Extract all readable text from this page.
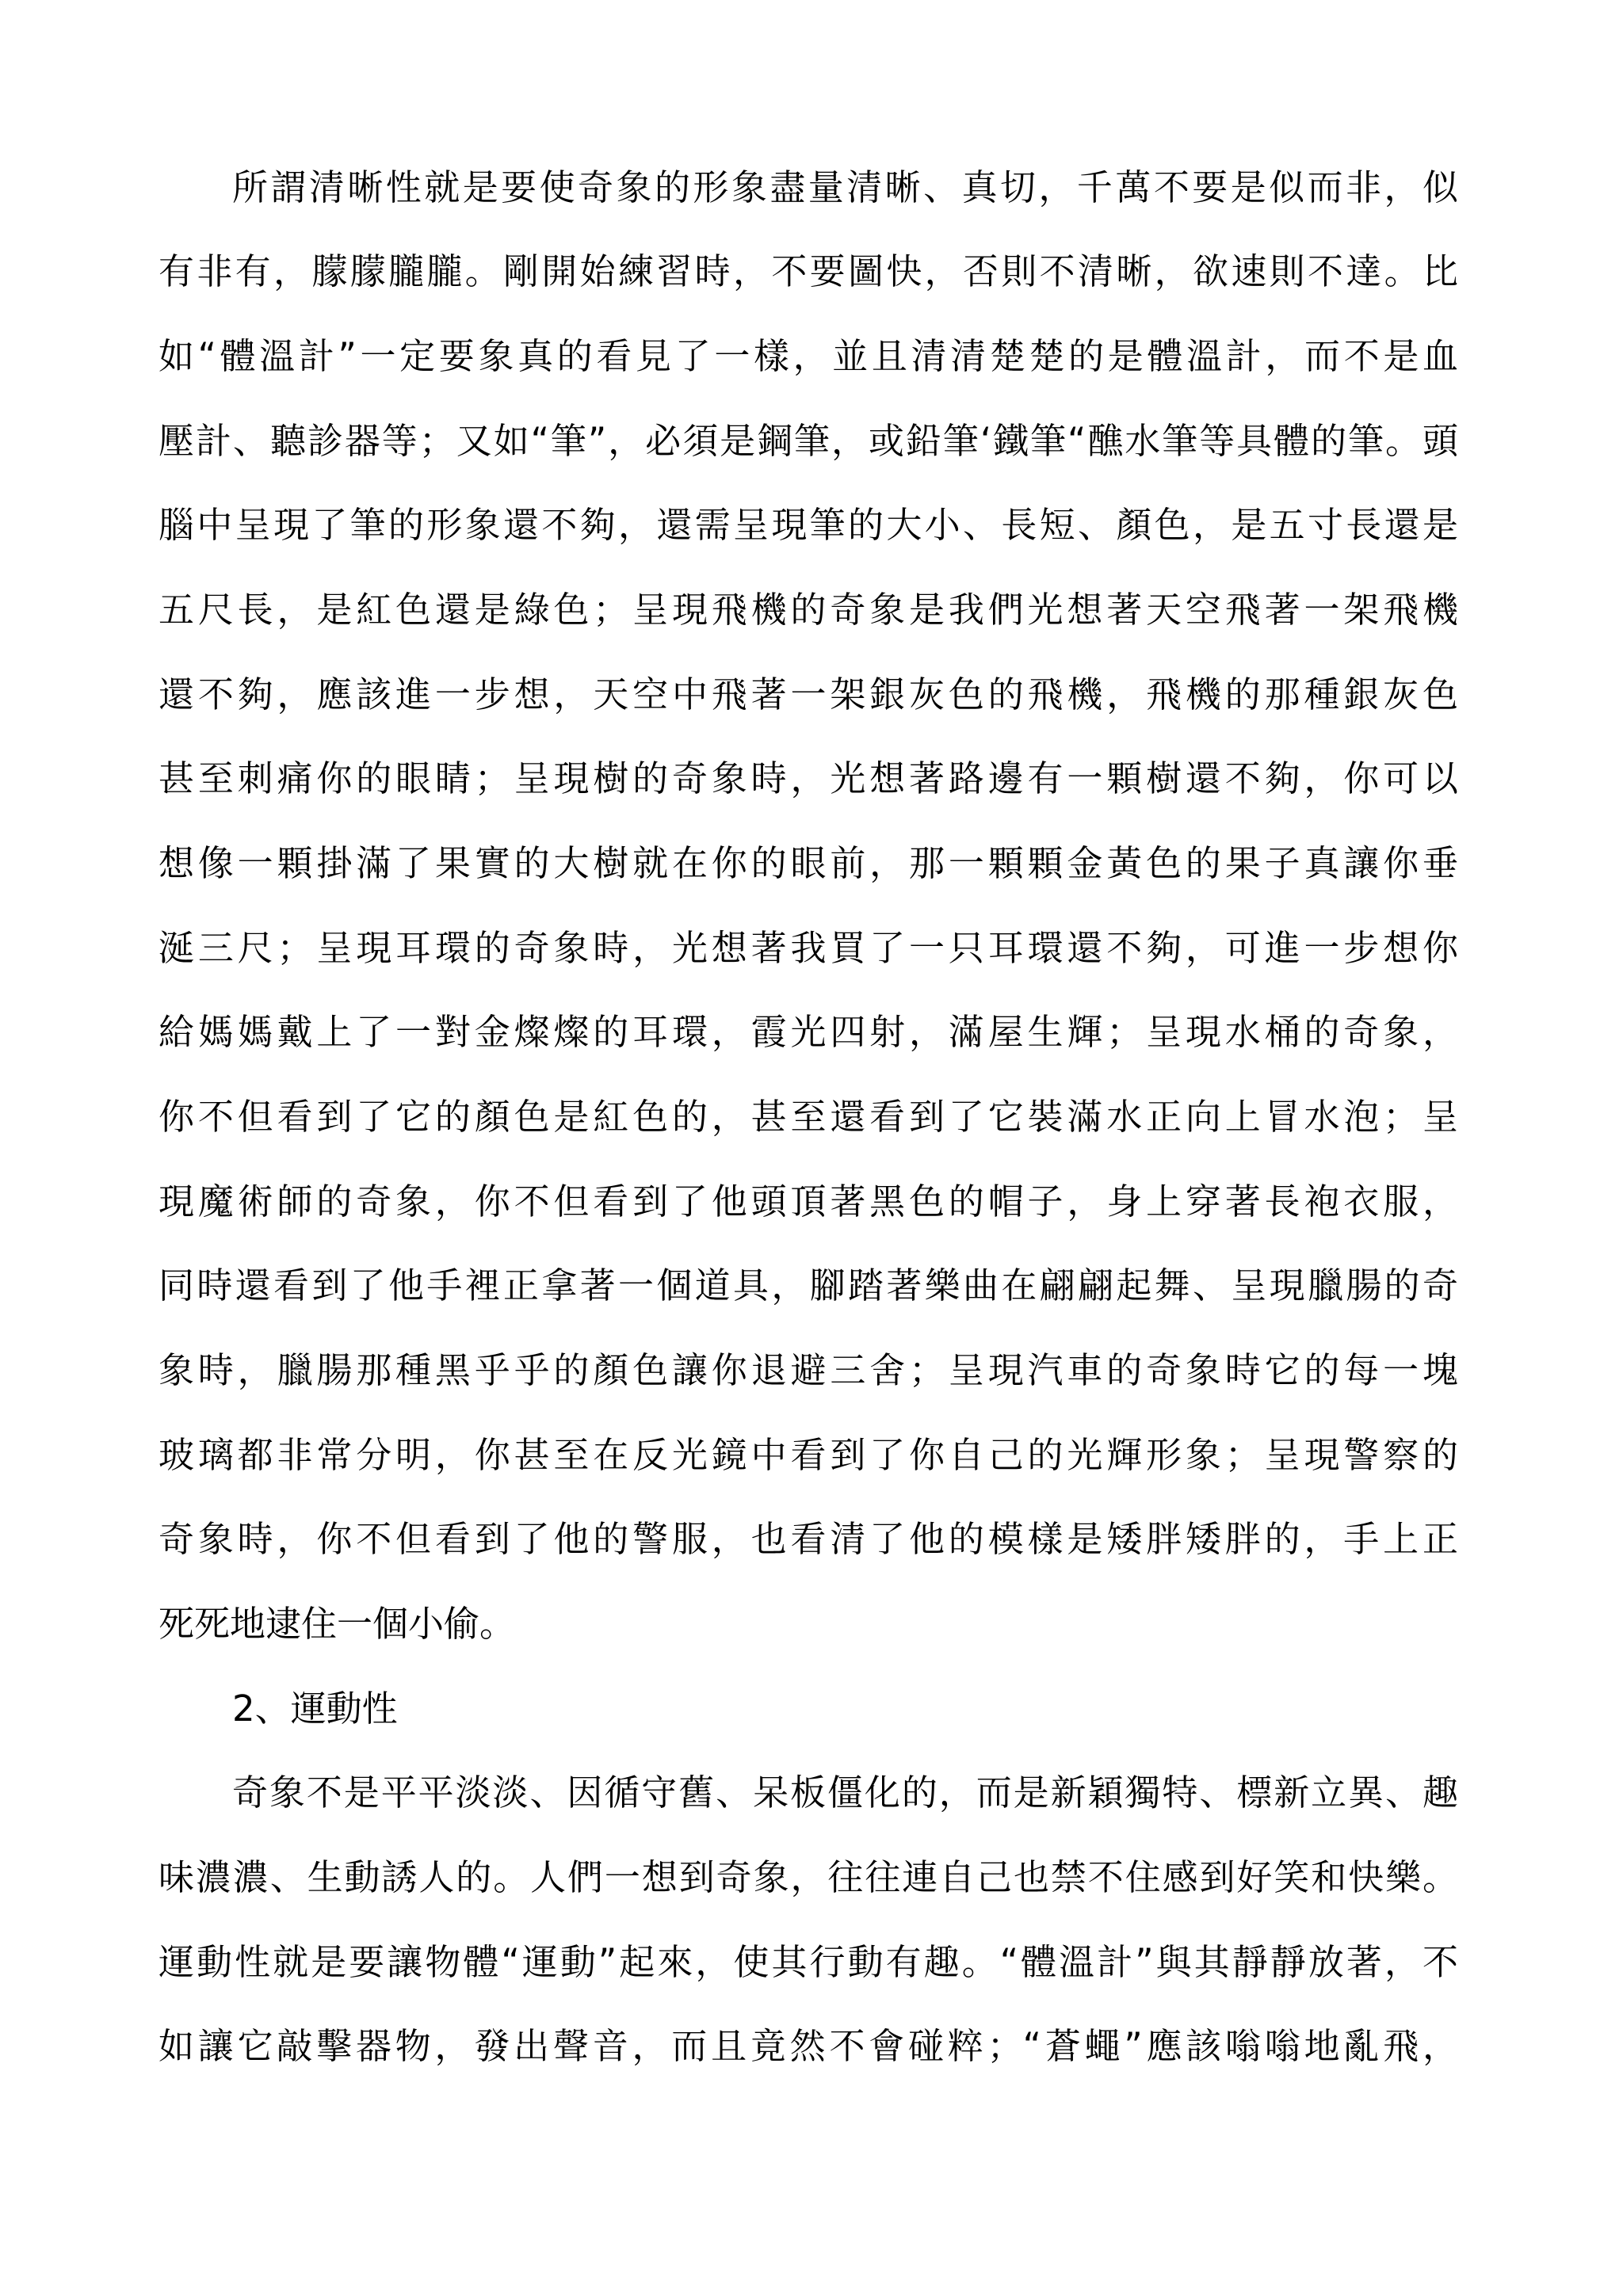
所謂清晰性就是要使奇象的形象盡量清晰、真切，千萬不要是似而非，似
有非有，朦朦朧朧。剛開始練習時，不要圖快，否則不清晰，欲速則不達。比
如“體溫計”一定要象真的看見了一樣，並且清清楚楚的是體溫計，而不是血
壓計、聽診器等；又如“筆”，必須是鋼筆，或鉛筆‘鐵筆“醮水筆等具體的筆。頭
腦中呈現了筆的形象還不夠，還需呈現筆的大小、長短、顏色，是五寸長還是
五尺長，是紅色還是綠色；呈現飛機的奇象是我們光想著天空飛著一架飛機
還不夠，應該進一步想，天空中飛著一架銀灰色的飛機，飛機的那種銀灰色
甚至刺痛你的眼睛；呈現樹的奇象時，光想著路邊有一顆樹還不夠，你可以
想像一顆掛滿了果實的大樹就在你的眼前，那一顆顆金黃色的果子真讓你垂
涎三尺；呈現耳環的奇象時，光想著我買了一只耳環還不夠，可進一步想你
給媽媽戴上了一對金燦燦的耳環，霞光四射，滿屋生輝；呈現水桶的奇象，
你不但看到了它的顏色是紅色的，甚至還看到了它裝滿水正向上冒水泡；呈
現魔術師的奇象，你不但看到了他頭頂著黑色的帽子，身上穿著長袍衣服，
同時還看到了他手裡正拿著一個道具，腳踏著樂曲在翩翩起舞、呈現臘腸的奇
象時，臘腸那種黑乎乎的顏色讓你退避三舍；呈現汽車的奇象時它的每一塊
玻璃都非常分明，你甚至在反光鏡中看到了你自己的光輝形象；呈現警察的
奇象時，你不但看到了他的警服，也看清了他的模樣是矮胖矮胖的，手上正
死死地逮住一個小偷。
2、運動性
奇象不是平平淡淡、因循守舊、呆板僵化的，而是新穎獨特、標新立異、趣
味濃濃、生動誘人的。人們一想到奇象，往往連自己也禁不住感到好笑和快樂。
運動性就是要讓物體“運動”起來，使其行動有趣。“體溫計”與其靜靜放著，不
如讓它敲擊器物，發出聲音，而且竟然不會碰粹；“蒼蠅”應該嗡嗡地亂飛，
